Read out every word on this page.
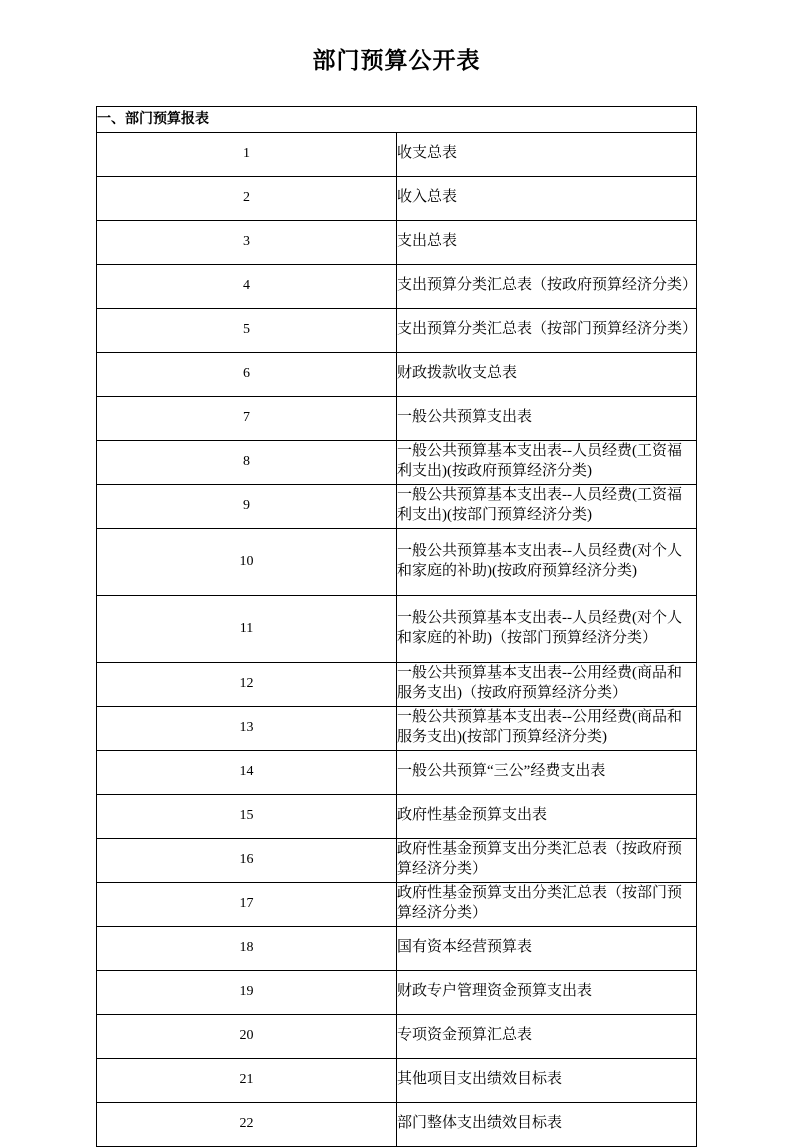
部门预算公开表
一、部门预算报表	
1	收支总表
2	收入总表
3	支出总表
4	支出预算分类汇总表（按政府预算经济分类）
5	支出预算分类汇总表（按部门预算经济分类）
6	财政拨款收支总表
7	一般公共预算支出表
8	一般公共预算基本支出表--人员经费(工资福利支出)(按政府预算经济分类)
9	一般公共预算基本支出表--人员经费(工资福利支出)(按部门预算经济分类)
10	一般公共预算基本支出表--人员经费(对个人和家庭的补助)(按政府预算经济分类)
11	一般公共预算基本支出表--人员经费(对个人和家庭的补助)（按部门预算经济分类）
12	一般公共预算基本支出表--公用经费(商品和服务支出)（按政府预算经济分类）
13	一般公共预算基本支出表--公用经费(商品和服务支出)(按部门预算经济分类)
14	一般公共预算“三公”经费支出表
15	政府性基金预算支出表
16	政府性基金预算支出分类汇总表（按政府预算经济分类）
17	政府性基金预算支出分类汇总表（按部门预算经济分类）
18	国有资本经营预算表
19	财政专户管理资金预算支出表
20	专项资金预算汇总表
21	其他项目支出绩效目标表
22	部门整体支出绩效目标表
